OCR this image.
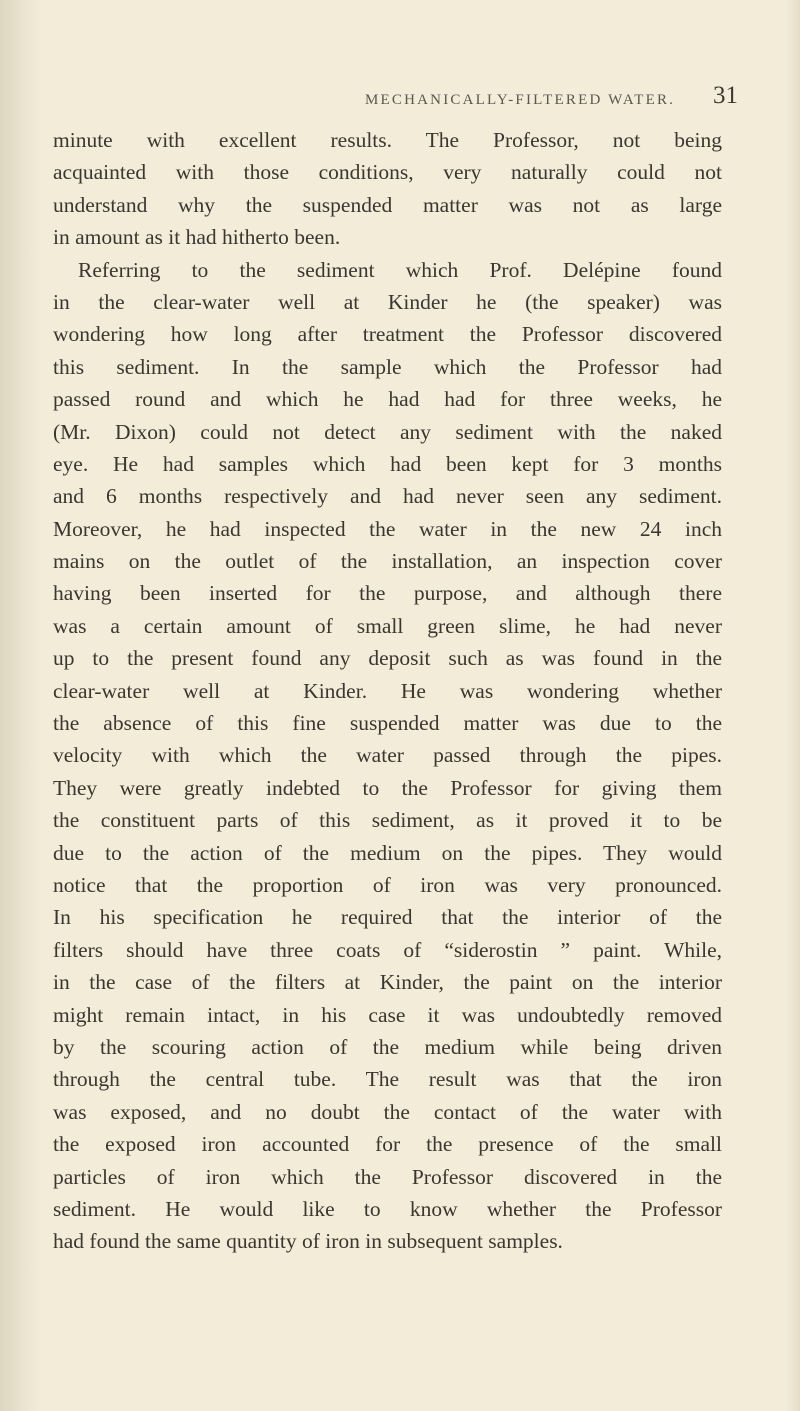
MECHANICALLY-FILTERED WATER. 31
minute with excellent results. The Professor, not being
acquainted with those conditions, very naturally could not
understand why the suspended matter was not as large
in amount as it had hitherto been.
Referring to the sediment which Prof. Delépine found
in the clear-water well at Kinder he (the speaker) was
wondering how long after treatment the Professor discovered
this sediment. In the sample which the Professor had
passed round and which he had had for three weeks, he
(Mr. Dixon) could not detect any sediment with the naked
eye. He had samples which had been kept for 3 months
and 6 months respectively and had never seen any sediment.
Moreover, he had inspected the water in the new 24 inch
mains on the outlet of the installation, an inspection cover
having been inserted for the purpose, and although there
was a certain amount of small green slime, he had never
up to the present found any deposit such as was found in the
clear-water well at Kinder. He was wondering whether
the absence of this fine suspended matter was due to the
velocity with which the water passed through the pipes.
They were greatly indebted to the Professor for giving them
the constituent parts of this sediment, as it proved it to be
due to the action of the medium on the pipes. They would
notice that the proportion of iron was very pronounced.
In his specification he required that the interior of the
filters should have three coats of “siderostin ” paint. While,
in the case of the filters at Kinder, the paint on the interior
might remain intact, in his case it was undoubtedly removed
by the scouring action of the medium while being driven
through the central tube. The result was that the iron
was exposed, and no doubt the contact of the water with
the exposed iron accounted for the presence of the small
particles of iron which the Professor discovered in the
sediment. He would like to know whether the Professor
had found the same quantity of iron in subsequent samples.
